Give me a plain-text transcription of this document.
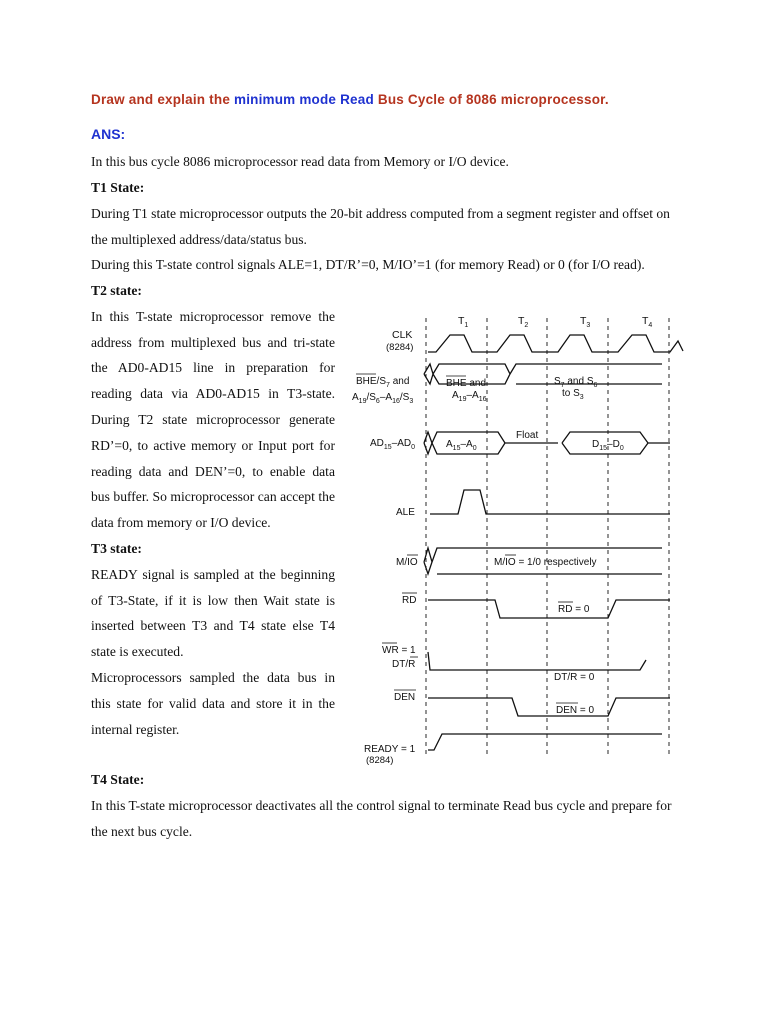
Draw and explain the minimum mode Read Bus Cycle of 8086 microprocessor.
ANS:
In this bus cycle 8086 microprocessor read data from Memory or I/O device.
T1 State:
During T1 state microprocessor outputs the 20-bit address computed from a segment register and offset on
the multiplexed address/data/status bus.
During this T-state control signals ALE=1, DT/R’=0, M/IO’=1 (for memory Read) or 0 (for I/O read).

T2 state:

In this T-state microprocessor remove the address from multiplexed bus and tri-state the AD0-AD15 line in preparation for reading data via AD0-AD15 in T3-state. During T2 state microprocessor generate RD’=0, to active memory or Input port for reading data and DEN’=0, to enable data bus buffer. So microprocessor can accept the data from memory or I/O device.

T3 state:

READY signal is sampled at the beginning of T3-State, if it is low then Wait state is inserted between T3 and T4 state else T4 state is executed.

Microprocessors sampled the data bus in this state for valid data and store it in the internal register.

T4 State:
In this T-state microprocessor deactivates all the control signal to terminate Read bus cycle and prepare for
the next bus cycle.
$T_1$	$T_2$	$T_3$	$T_4$
CLK
(8284)
BHE/$S_7$ and
$A_{19}/S_6-A_{16}/S_3$
BHE and
$A_{19}-A_{16}$
$S_7$ and $S_6$
to $S_3$
$AD_{15}-AD_0$	$A_{15}-A_0$
Float
$D_{15}-D_0$
ALE
M/IO	M/IO = 1/0 respectively
RD
RD = 0
WR = 1
DT/R
DT/R = 0
DEN
DEN = 0
READY = 1
(8284)
